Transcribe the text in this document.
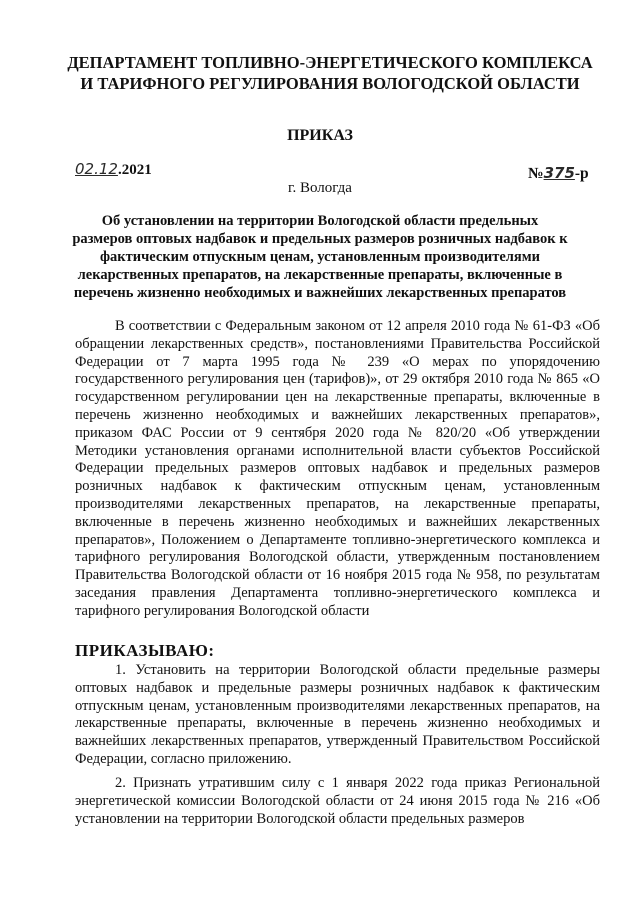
ДЕПАРТАМЕНТ ТОПЛИВНО-ЭНЕРГЕТИЧЕСКОГО КОМПЛЕКСА
И ТАРИФНОГО РЕГУЛИРОВАНИЯ ВОЛОГОДСКОЙ ОБЛАСТИ
ПРИКАЗ
02.12.2021	№375-р
г. Вологда
Об установлении на территории Вологодской области предельных размеров оптовых надбавок и предельных размеров розничных надбавок к фактическим отпускным ценам, установленным производителями лекарственных препаратов, на лекарственные препараты, включенные в перечень жизненно необходимых и важнейших лекарственных препаратов
В соответствии с Федеральным законом от 12 апреля 2010 года № 61-ФЗ «Об обращении лекарственных средств», постановлениями Правительства Российской Федерации от 7 марта 1995 года № 239 «О мерах по упорядочению государственного регулирования цен (тарифов)», от 29 октября 2010 года № 865 «О государственном регулировании цен на лекарственные препараты, включенные в перечень жизненно необходимых и важнейших лекарственных препаратов», приказом ФАС России от 9 сентября 2020 года № 820/20 «Об утверждении Методики установления органами исполнительной власти субъектов Российской Федерации предельных размеров оптовых надбавок и предельных размеров розничных надбавок к фактическим отпускным ценам, установленным производителями лекарственных препаратов, на лекарственные препараты, включенные в перечень жизненно необходимых и важнейших лекарственных препаратов», Положением о Департаменте топливно-энергетического комплекса и тарифного регулирования Вологодской области, утвержденным постановлением Правительства Вологодской области от 16 ноября 2015 года № 958, по результатам заседания правления Департамента топливно-энергетического комплекса и тарифного регулирования Вологодской области
ПРИКАЗЫВАЮ:
1. Установить на территории Вологодской области предельные размеры оптовых надбавок и предельные размеры розничных надбавок к фактическим отпускным ценам, установленным производителями лекарственных препаратов, на лекарственные препараты, включенные в перечень жизненно необходимых и важнейших лекарственных препаратов, утвержденный Правительством Российской Федерации, согласно приложению.
2. Признать утратившим силу с 1 января 2022 года приказ Региональной энергетической комиссии Вологодской области от 24 июня 2015 года № 216 «Об установлении на территории Вологодской области предельных размеров
